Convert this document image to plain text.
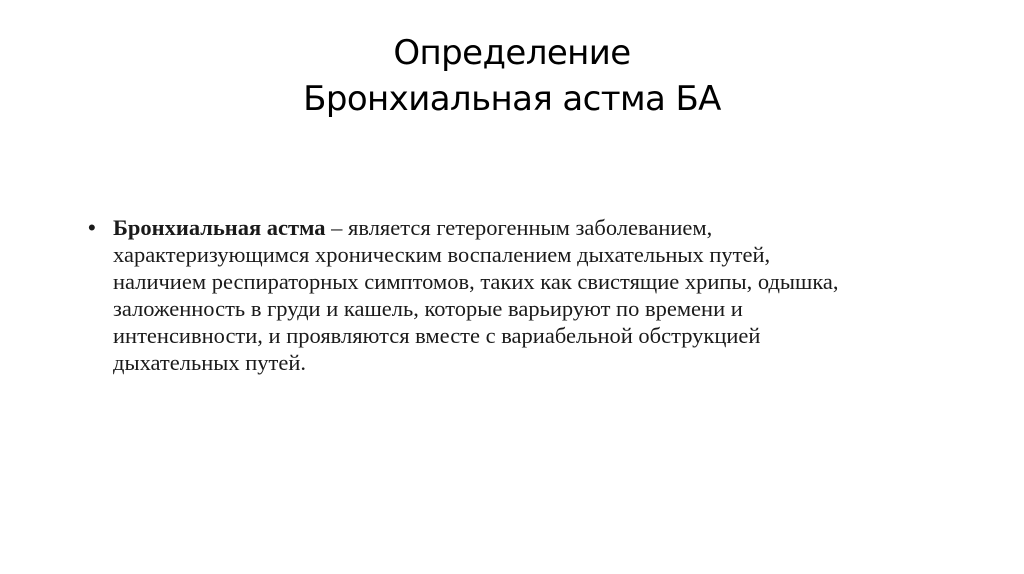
Определение
Бронхиальная астма БА
• Бронхиальная астма – является гетерогенным заболеванием, характеризующимся хроническим воспалением дыхательных путей, наличием респираторных симптомов, таких как свистящие хрипы, одышка, заложенность в груди и кашель, которые варьируют по времени и интенсивности, и проявляются вместе с вариабельной обструкцией дыхательных путей.
